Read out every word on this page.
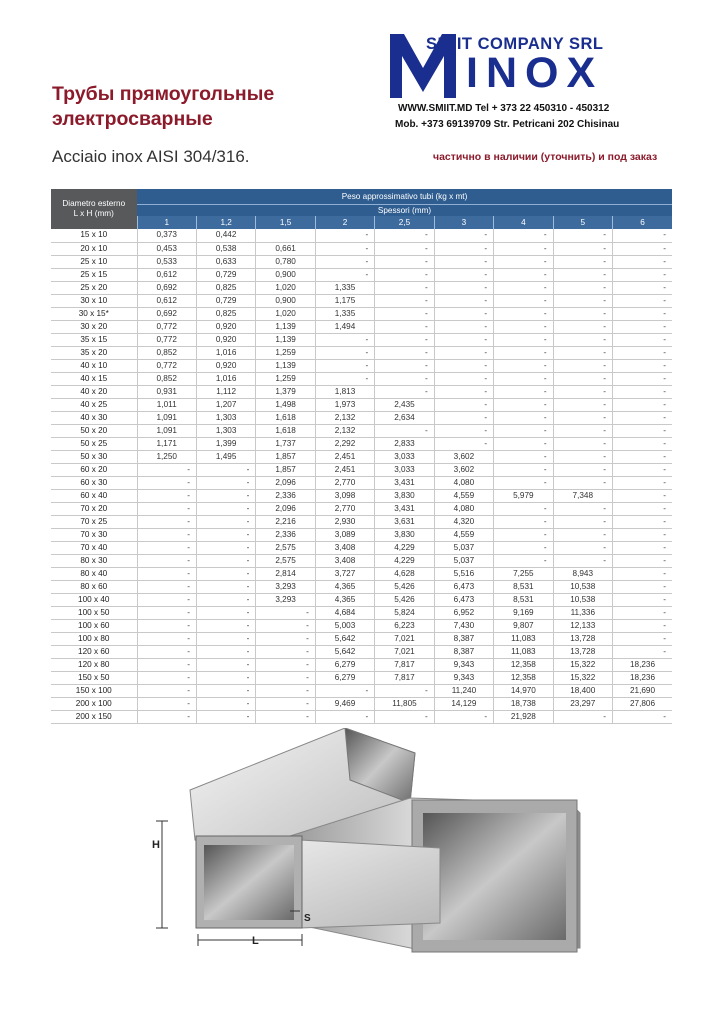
Трубы прямоугольные
электросварные
Acciaio inox AISI 304/316.
SMIIT COMPANY SRL
INOX
WWW.SMIIT.MD Tel + 373 22 450310 - 450312
Mob. +373 69139709 Str. Petricani 202 Chisinau
частично в наличии (уточнить) и под заказ
Diametro esterno
L x H (mm)	Peso approssimativo tubi (kg x mt)								
	Spessori (mm)								
	1	1,2	1,5	2	2,5	3	4	5	6
15 x 10	0,373	0,442		-	-	-	-	-	-
20 x 10	0,453	0,538	0,661	-	-	-	-	-	-
25 x 10	0,533	0,633	0,780	-	-	-	-	-	-
25 x 15	0,612	0,729	0,900	-	-	-	-	-	-
25 x 20	0,692	0,825	1,020	1,335	-	-	-	-	-
30 x 10	0,612	0,729	0,900	1,175	-	-	-	-	-
30 x 15*	0,692	0,825	1,020	1,335	-	-	-	-	-
30 x 20	0,772	0,920	1,139	1,494	-	-	-	-	-
35 x 15	0,772	0,920	1,139	-	-	-	-	-	-
35 x 20	0,852	1,016	1,259	-	-	-	-	-	-
40 x 10	0,772	0,920	1,139	-	-	-	-	-	-
40 x 15	0,852	1,016	1,259	-	-	-	-	-	-
40 x 20	0,931	1,112	1,379	1,813	-	-	-	-	-
40 x 25	1,011	1,207	1,498	1,973	2,435	-	-	-	-
40 x 30	1,091	1,303	1,618	2,132	2,634	-	-	-	-
50 x 20	1,091	1,303	1,618	2,132	-	-	-	-	-
50 x 25	1,171	1,399	1,737	2,292	2,833	-	-	-	-
50 x 30	1,250	1,495	1,857	2,451	3,033	3,602	-	-	-
60 x 20	-	-	1,857	2,451	3,033	3,602	-	-	-
60 x 30	-	-	2,096	2,770	3,431	4,080	-	-	-
60 x 40	-	-	2,336	3,098	3,830	4,559	5,979	7,348	-
70 x 20	-	-	2,096	2,770	3,431	4,080	-	-	-
70 x 25	-	-	2,216	2,930	3,631	4,320	-	-	-
70 x 30	-	-	2,336	3,089	3,830	4,559	-	-	-
70 x 40	-	-	2,575	3,408	4,229	5,037	-	-	-
80 x 30	-	-	2,575	3,408	4,229	5,037	-	-	-
80 x 40	-	-	2,814	3,727	4,628	5,516	7,255	8,943	-
80 x 60	-	-	3,293	4,365	5,426	6,473	8,531	10,538	-
100 x 40	-	-	3,293	4,365	5,426	6,473	8,531	10,538	-
100 x 50	-	-	-	4,684	5,824	6,952	9,169	11,336	-
100 x 60	-	-	-	5,003	6,223	7,430	9,807	12,133	-
100 x 80	-	-	-	5,642	7,021	8,387	11,083	13,728	-
120 x 60	-	-	-	5,642	7,021	8,387	11,083	13,728	-
120 x 80	-	-	-	6,279	7,817	9,343	12,358	15,322	18,236
150 x 50	-	-	-	6,279	7,817	9,343	12,358	15,322	18,236
150 x 100	-	-	-	-	-	11,240	14,970	18,400	21,690
200 x 100	-	-	-	9,469	11,805	14,129	18,738	23,297	27,806
200 x 150	-	-	-	-	-	-	21,928	-	-
H
L
S
